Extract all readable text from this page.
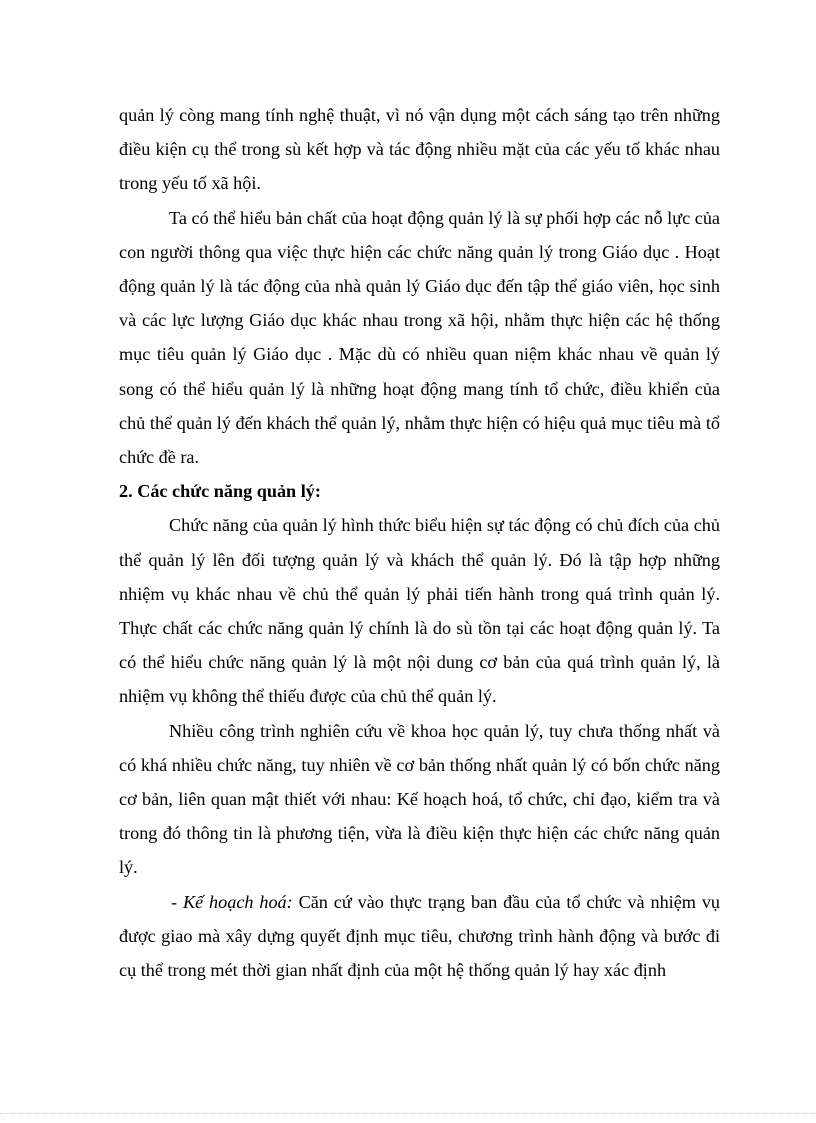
quản lý còng mang tính nghệ thuật, vì nó vận dụng một cách sáng tạo trên những điều kiện cụ thể trong sù kết hợp và tác động nhiều mặt của các yếu tố khác nhau trong yếu tố xã hội.

Ta có thể hiểu bản chất của hoạt động quản lý là sự phối hợp các nỗ lực của con người thông qua việc thực hiện các chức năng quản lý trong Giáo dục . Hoạt động quản lý là tác động của nhà quản lý Giáo dục đến tập thể giáo viên, học sinh và các lực lượng Giáo dục khác nhau trong xã hội, nhằm thực hiện các hệ thống mục tiêu quản lý Giáo dục . Mặc dù có nhiều quan niệm khác nhau về quản lý song có thể hiểu quản lý là những hoạt động mang tính tổ chức, điều khiển của chủ thể quản lý đến khách thể quản lý, nhằm thực hiện có hiệu quả mục tiêu mà tổ chức đề ra.

2. Các chức năng quản lý:

Chức năng của quản lý hình thức biểu hiện sự tác động có chủ đích của chủ thể quản lý lên đối tượng quản lý và khách thể quản lý. Đó là tập hợp những nhiệm vụ khác nhau về chủ thể quản lý phải tiến hành trong quá trình quản lý. Thực chất các chức năng quản lý chính là do sù tồn tại các hoạt động quản lý. Ta có thể hiểu chức năng quản lý là một nội dung cơ bản của quá trình quản lý, là nhiệm vụ không thể thiếu được của chủ thể quản lý.

Nhiều công trình nghiên cứu về khoa học quản lý, tuy chưa thống nhất và có khá nhiều chức năng, tuy nhiên về cơ bản thống nhất quản lý có bốn chức năng cơ bản, liên quan mật thiết với nhau: Kế hoạch hoá, tổ chức, chỉ đạo, kiểm tra và trong đó thông tin là phương tiện, vừa là điều kiện thực hiện các chức năng quản lý.

- Kế hoạch hoá: Căn cứ vào thực trạng ban đầu của tổ chức và nhiệm vụ được giao mà xây dựng quyết định mục tiêu, chương trình hành động và bước đi cụ thể trong mét thời gian nhất định của một hệ thống quản lý hay xác định
